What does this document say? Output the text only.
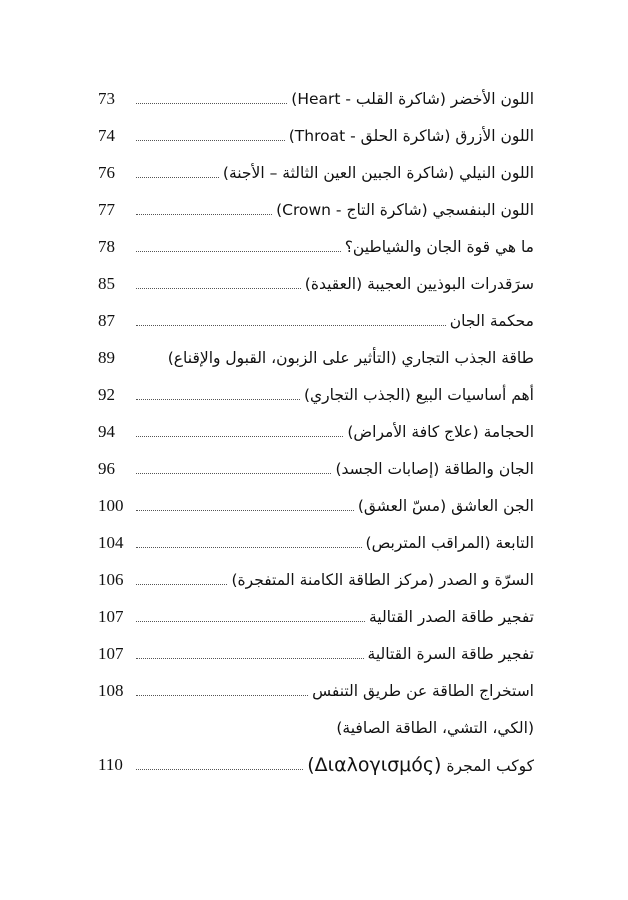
73	اللون الأخضر (شاكرة القلب - Heart)
74	اللون الأزرق (شاكرة الحلق - Throat)
76	اللون النيلي (شاكرة الجبين العين الثالثة – الأجنة)
77	اللون البنفسجي (شاكرة التاج - Crown)
78	ما هي قوة الجان والشياطين؟
85	سرَقدرات البوذيين العجيبة (العقيدة)
87	محكمة الجان
89	طاقة الجذب التجاري (التأثير على الزبون، القبول والإقناع)
92	أهم أساسيات البيع (الجذب التجاري)
94	الحجامة (علاج كافة الأمراض)
96	الجان والطاقة (إصابات الجسد)
100	الجن العاشق (مسّ العشق)
104	التابعة (المراقب المتربص)
106	السرّة و الصدر (مركز الطاقة الكامنة المتفجرة)
107	تفجير طاقة الصدر القتالية
107	تفجير طاقة السرة القتالية
108	استخراج الطاقة عن طريق التنفس
(الكي، التشي، الطاقة الصافية)
110	كوكب المجرة (Διαλογισμός)
